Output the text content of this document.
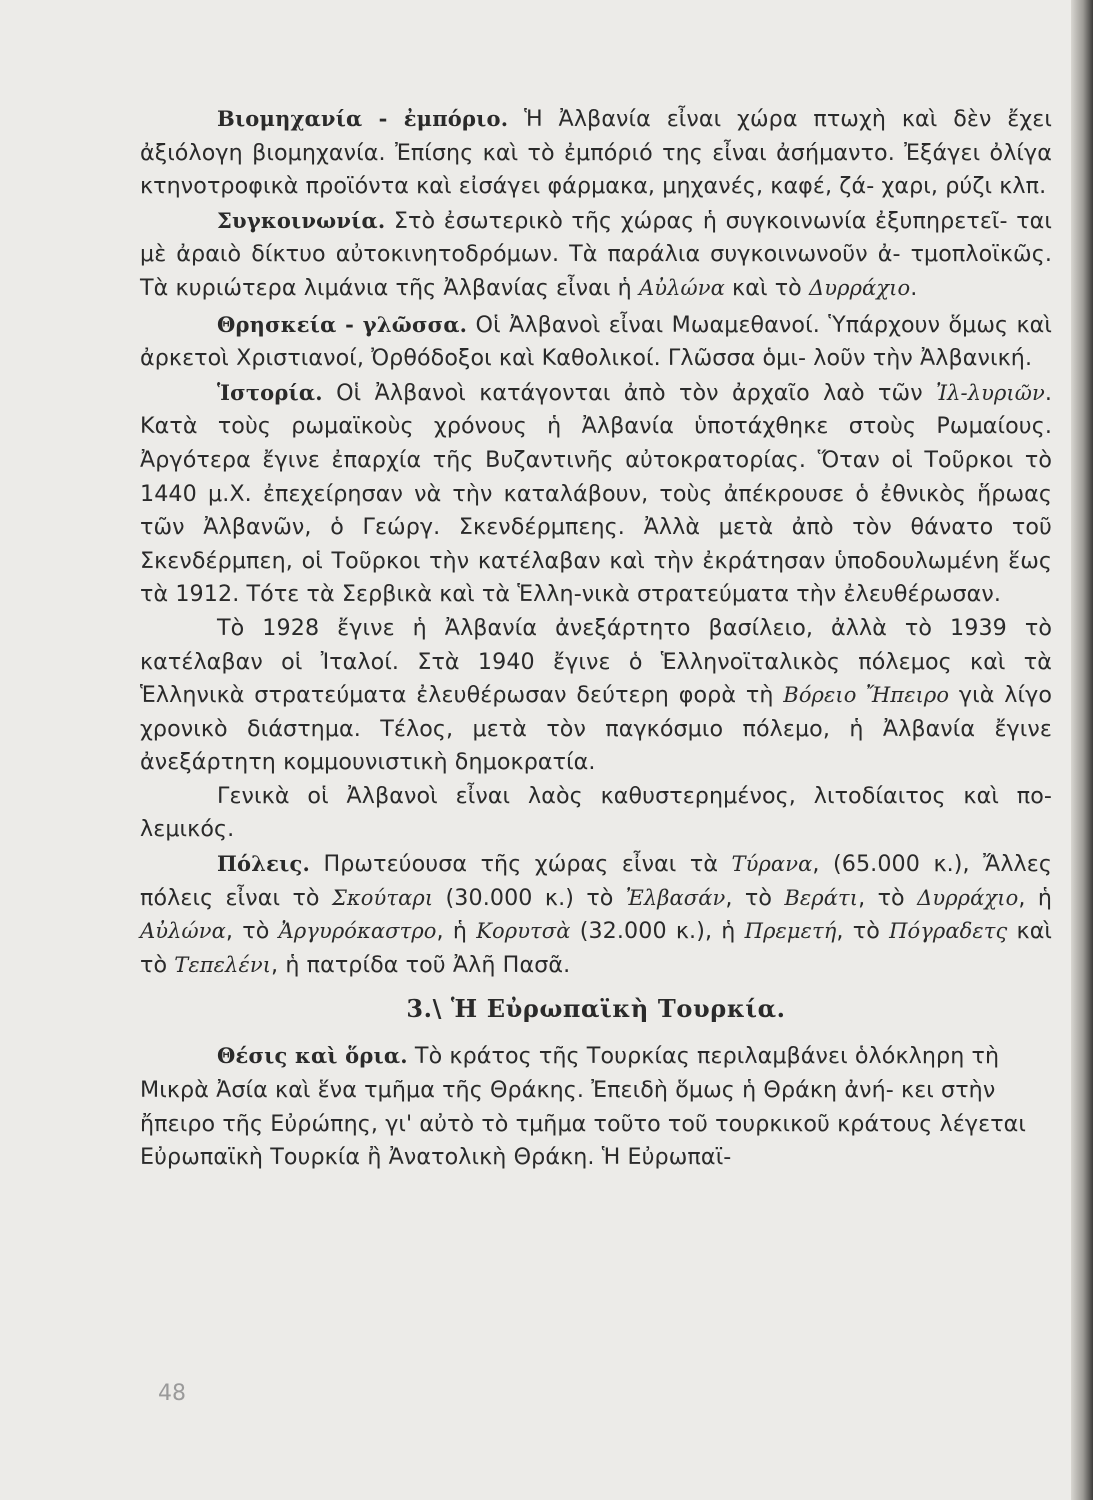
Βιομηχανία - ἐμπόριο. Ἡ Ἀλβανία εἶναι χώρα πτωχὴ καὶ δὲν ἔχει ἀξιόλογη βιομηχανία. Ἐπίσης καὶ τὸ ἐμπόριό της εἶναι ἀσήμαντο. Ἐξάγει ὀλίγα κτηνοτροφικὰ προϊόντα καὶ εἰσάγει φάρμακα, μηχανές, καφέ, ζά- χαρι, ρύζι κλπ.

Συγκοινωνία. Στὸ ἐσωτερικὸ τῆς χώρας ἡ συγκοινωνία ἐξυπηρετεῖ- ται μὲ ἀραιὸ δίκτυο αὐτοκινητοδρόμων. Τὰ παράλια συγκοινωνοῦν ἀ- τμοπλοϊκῶς. Τὰ κυριώτερα λιμάνια τῆς Ἀλβανίας εἶναι ἡ Αὐλώνα καὶ τὸ Δυρράχιο.

Θρησκεία - γλῶσσα. Οἱ Ἀλβανοὶ εἶναι Μωαμεθανοί. Ὑπάρχουν ὅμως καὶ ἀρκετοὶ Χριστιανοί, Ὀρθόδοξοι καὶ Καθολικοί. Γλῶσσα ὁμι- λοῦν τὴν Ἀλβανική.

Ἱστορία. Οἱ Ἀλβανοὶ κατάγονται ἀπὸ τὸν ἀρχαῖο λαὸ τῶν Ἰλ-λυριῶν. Κατὰ τοὺς ρωμαϊκοὺς χρόνους ἡ Ἀλβανία ὑποτάχθηκε στοὺς Ρωμαίους. Ἀργότερα ἔγινε ἐπαρχία τῆς Βυζαντινῆς αὐτοκρατορίας. Ὅταν οἱ Τοῦρκοι τὸ 1440 μ.Χ. ἐπεχείρησαν νὰ τὴν καταλάβουν, τοὺς ἀπέκρουσε ὁ ἐθνικὸς ἥρωας τῶν Ἀλβανῶν, ὁ Γεώργ. Σκενδέρμπεης. Ἀλλὰ μετὰ ἀπὸ τὸν θάνατο τοῦ Σκενδέρμπεη, οἱ Τοῦρκοι τὴν κατέλαβαν καὶ τὴν ἐκράτησαν ὑποδουλωμένη ἕως τὰ 1912. Τότε τὰ Σερβικὰ καὶ τὰ Ἑλλη-νικὰ στρατεύματα τὴν ἐλευθέρωσαν.

Τὸ 1928 ἔγινε ἡ Ἀλβανία ἀνεξάρτητο βασίλειο, ἀλλὰ τὸ 1939 τὸ κατέλαβαν οἱ Ἰταλοί. Στὰ 1940 ἔγινε ὁ Ἑλληνοϊταλικὸς πόλεμος καὶ τὰ Ἑλληνικὰ στρατεύματα ἐλευθέρωσαν δεύτερη φορὰ τὴ Βόρειο Ἤπειρο γιὰ λίγο χρονικὸ διάστημα. Τέλος, μετὰ τὸν παγκόσμιο πόλεμο, ἡ Ἀλβανία ἔγινε ἀνεξάρτητη κομμουνιστικὴ δημοκρατία.

Γενικὰ οἱ Ἀλβανοὶ εἶναι λαὸς καθυστερημένος, λιτοδίαιτος καὶ πο-λεμικός.

Πόλεις. Πρωτεύουσα τῆς χώρας εἶναι τὰ Τύρανα, (65.000 κ.), Ἄλλες πόλεις εἶναι τὸ Σκούταρι (30.000 κ.) τὸ Ἐλβασάν, τὸ Βεράτι, τὸ Δυρράχιο, ἡ Αὐλώνα, τὸ Ἀργυρόκαστρο, ἡ Κορυτσὰ (32.000 κ.), ἡ Πρεμετή, τὸ Πόγραδετς καὶ τὸ Τεπελένι, ἡ πατρίδα τοῦ Ἀλῆ Πασᾶ.

3.\ Ἡ Εὐρωπαϊκὴ Τουρκία.

Θέσις καὶ ὅρια. Τὸ κράτος τῆς Τουρκίας περιλαμβάνει ὁλόκληρη τὴ Μικρὰ Ἀσία καὶ ἕνα τμῆμα τῆς Θράκης. Ἐπειδὴ ὅμως ἡ Θράκη ἀνή- κει στὴν ἤπειρο τῆς Εὐρώπης, γι' αὐτὸ τὸ τμῆμα τοῦτο τοῦ τουρκικοῦ κράτους λέγεται Εὐρωπαϊκὴ Τουρκία ἢ Ἀνατολικὴ Θράκη. Ἡ Εὐρωπαϊ-

48
